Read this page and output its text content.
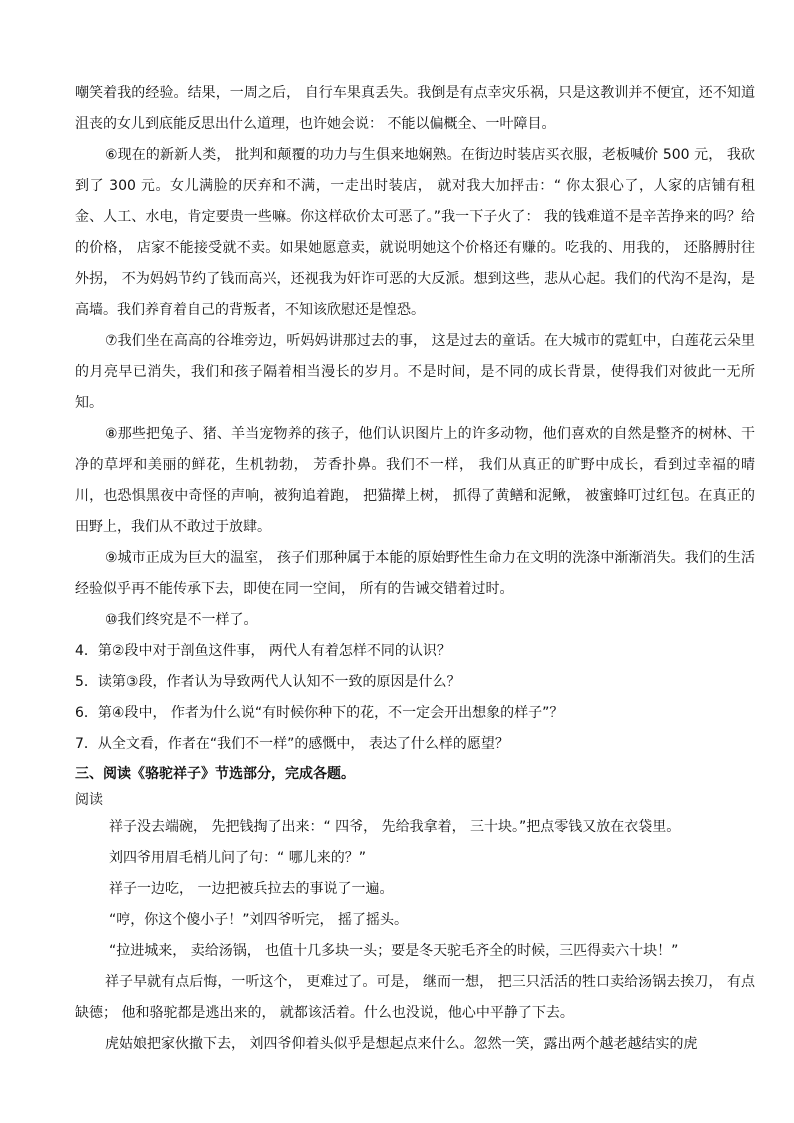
嘲笑着我的经验。结果，一周之后， 自行车果真丢失。我倒是有点幸灾乐祸，只是这教训并不便宜，还不知道沮丧的女儿到底能反思出什么道理，也许她会说： 不能以偏概全、一叶障目。

⑥现在的新新人类， 批判和颠覆的功力与生俱来地娴熟。在街边时装店买衣服，老板喊价 500 元， 我砍到了 300 元。女儿满脸的厌弃和不满，一走出时装店， 就对我大加抨击：“ 你太狠心了，人家的店铺有租金、人工、水电，肯定要贵一些嘛。你这样砍价太可恶了。”我一下子火了： 我的钱难道不是辛苦挣来的吗？给的价格， 店家不能接受就不卖。如果她愿意卖，就说明她这个价格还有赚的。吃我的、用我的， 还胳膊肘往外拐， 不为妈妈节约了钱而高兴，还视我为奸诈可恶的大反派。想到这些，悲从心起。我们的代沟不是沟，是高墙。我们养育着自己的背叛者，不知该欣慰还是惶恐。

⑦我们坐在高高的谷堆旁边，听妈妈讲那过去的事， 这是过去的童话。在大城市的霓虹中，白莲花云朵里的月亮早已消失，我们和孩子隔着相当漫长的岁月。不是时间，是不同的成长背景，使得我们对彼此一无所知。

⑧那些把兔子、猪、羊当宠物养的孩子，他们认识图片上的许多动物，他们喜欢的自然是整齐的树林、干净的草坪和美丽的鲜花，生机勃勃， 芳香扑鼻。我们不一样， 我们从真正的旷野中成长，看到过幸福的晴川，也恐惧黑夜中奇怪的声响，被狗追着跑， 把猫撵上树， 抓得了黄鳝和泥鳅， 被蜜蜂叮过红包。在真正的田野上，我们从不敢过于放肆。

⑨城市正成为巨大的温室， 孩子们那种属于本能的原始野性生命力在文明的洗涤中渐渐消失。我们的生活经验似乎再不能传承下去，即使在同一空间， 所有的告诫交错着过时。

⑩我们终究是不一样了。

4．第②段中对于剖鱼这件事， 两代人有着怎样不同的认识？

5．读第③段，作者认为导致两代人认知不一致的原因是什么？

6．第④段中， 作者为什么说“有时候你种下的花，不一定会开出想象的样子”？

7．从全文看，作者在“我们不一样”的感慨中， 表达了什么样的愿望？

三、阅读《骆驼祥子》节选部分，完成各题。

阅读

祥子没去端碗， 先把钱掏了出来：“ 四爷， 先给我拿着， 三十块。”把点零钱又放在衣袋里。

刘四爷用眉毛梢儿问了句：“ 哪儿来的？”

祥子一边吃， 一边把被兵拉去的事说了一遍。

“哼，你这个傻小子！”刘四爷听完， 摇了摇头。

“拉进城来， 卖给汤锅， 也值十几多块一头；要是冬天驼毛齐全的时候，三匹得卖六十块！”

祥子早就有点后悔，一听这个， 更难过了。可是， 继而一想， 把三只活活的牲口卖给汤锅去挨刀， 有点缺德； 他和骆驼都是逃出来的， 就都该活着。什么也没说，他心中平静了下去。

虎姑娘把家伙撤下去， 刘四爷仰着头似乎是想起点来什么。忽然一笑，露出两个越老越结实的虎
